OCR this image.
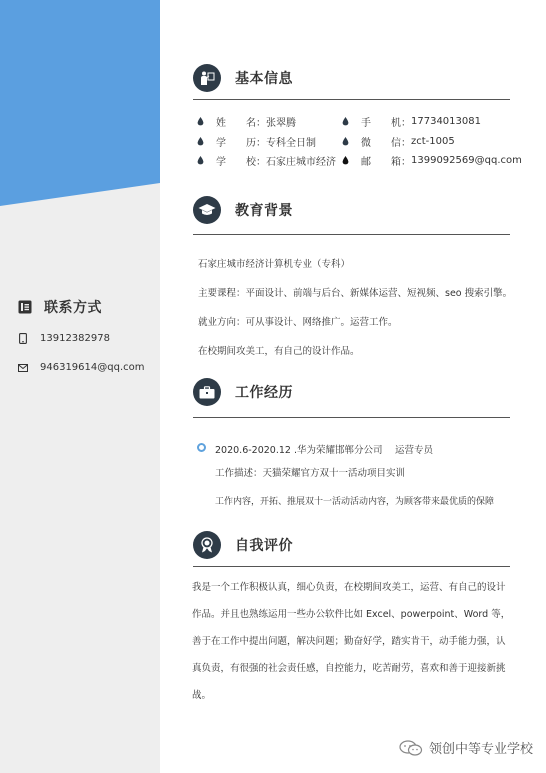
联系方式
13912382978
946319614@qq.com
基本信息
姓　　名： 张翠腾
学　　历： 专科全日制
学　　校： 石家庄城市经济
手　　机： 17734013081
微　　信： zct-1005
邮　　箱： 1399092569@qq.com
教育背景
石家庄城市经济计算机专业（专科）
主要课程：平面设计、前端与后台、新媒体运营、短视频、seo 搜索引擎。
就业方向：可从事设计、网络推广。运营工作。
在校期间攻美工，有自己的设计作品。
工作经历
2020.6-2020.12 .华为荣耀邯郸分公司　 运营专员
工作描述：天猫荣耀官方双十一活动项目实训
工作内容，开拓、推展双十一活动活动内容，为顾客带来最优质的保障
自我评价
我是一个工作积极认真，细心负责，在校期间攻美工，运营、有自己的设计作品。并且也熟练运用一些办公软件比如 Excel、powerpoint、Word 等，善于在工作中提出问题，解决问题；勤奋好学，踏实肯干，动手能力强，认真负责，有很强的社会责任感，自控能力，吃苦耐劳，喜欢和善于迎接新挑战。
领创中等专业学校
